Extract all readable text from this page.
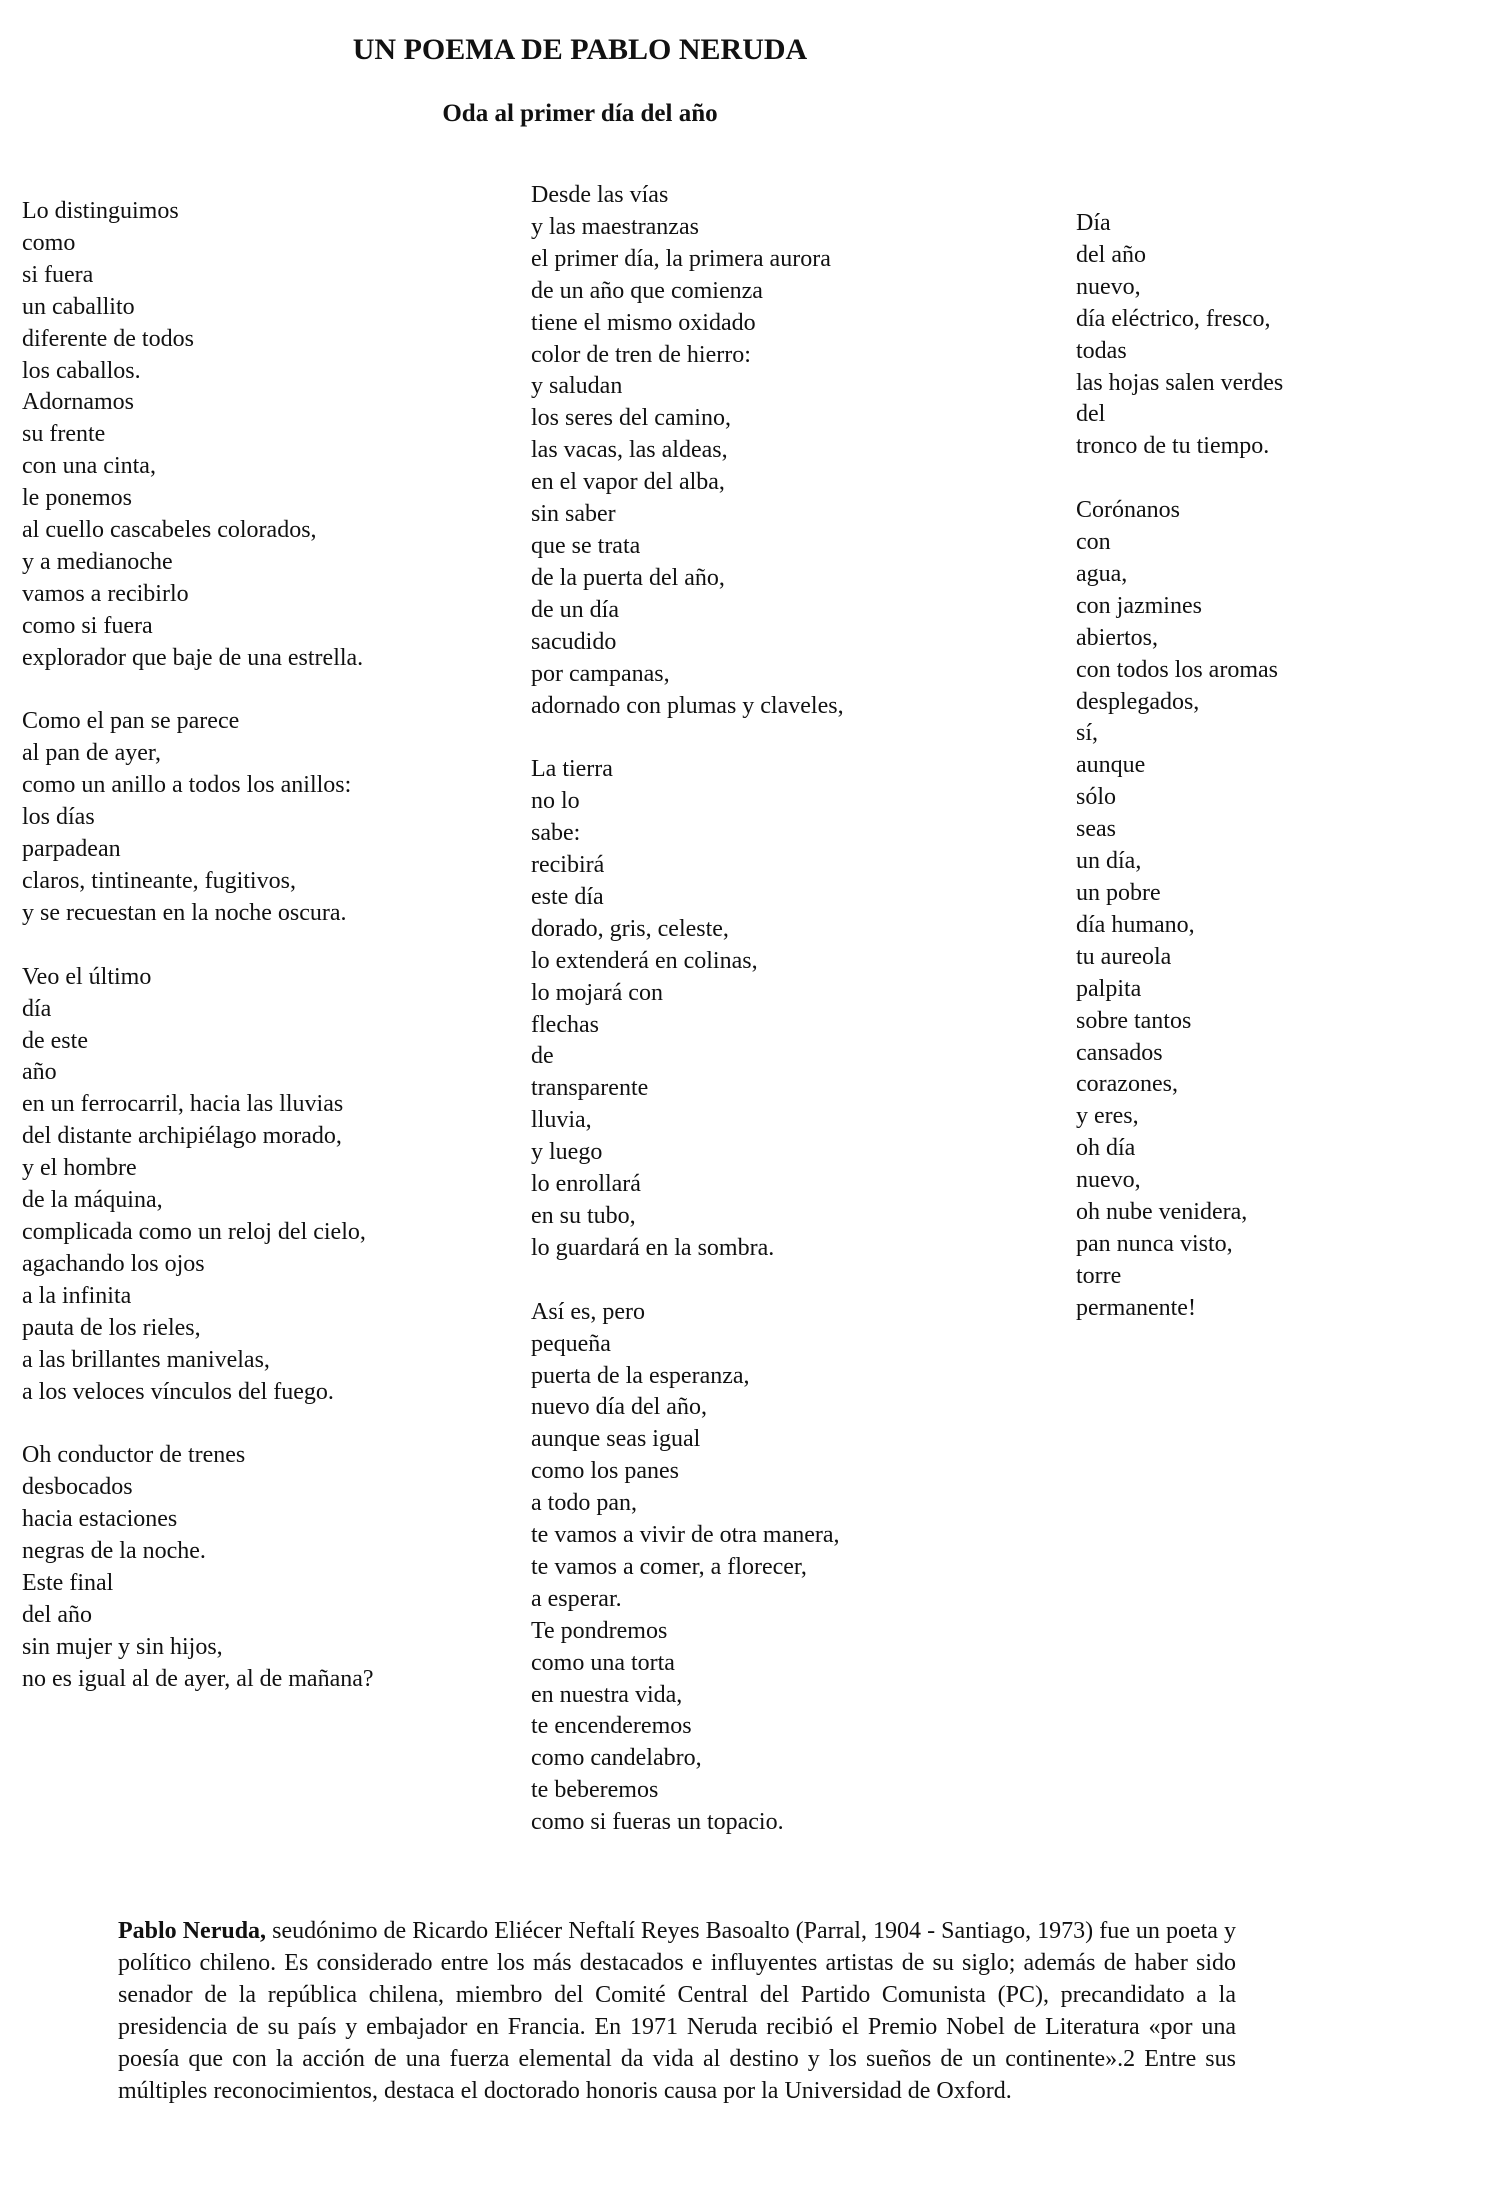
UN POEMA DE PABLO NERUDA
Oda al primer día del año
Lo distinguimos
como
si fuera
un caballito
diferente de todos
los caballos.
Adornamos
su frente
con una cinta,
le ponemos
al cuello cascabeles colorados,
y a medianoche
vamos a recibirlo
como si fuera
explorador que baje de una estrella.
Como el pan se parece
al pan de ayer,
como un anillo a todos los anillos:
los días
parpadean
claros, tintineante, fugitivos,
y se recuestan en la noche oscura.
Veo el último
día
de este
año
en un ferrocarril, hacia las lluvias
del distante archipiélago morado,
y el hombre
de la máquina,
complicada como un reloj del cielo,
agachando los ojos
a la infinita
pauta de los rieles,
a las brillantes manivelas,
a los veloces vínculos del fuego.
Oh conductor de trenes
desbocados
hacia estaciones
negras de la noche.
Este final
del año
sin mujer y sin hijos,
no es igual al de ayer, al de mañana?
Desde las vías
y las maestranzas
el primer día, la primera aurora
de un año que comienza
tiene el mismo oxidado
color de tren de hierro:
y saludan
los seres del camino,
las vacas, las aldeas,
en el vapor del alba,
sin saber
que se trata
de la puerta del año,
de un día
sacudido
por campanas,
adornado con plumas y claveles,
La tierra
no lo
sabe:
recibirá
este día
dorado, gris, celeste,
lo extenderá en colinas,
lo mojará con
flechas
de
transparente
lluvia,
y luego
lo enrollará
en su tubo,
lo guardará en la sombra.
Así es, pero
pequeña
puerta de la esperanza,
nuevo día del año,
aunque seas igual
como los panes
a todo pan,
te vamos a vivir de otra manera,
te vamos a comer, a florecer,
a esperar.
Te pondremos
como una torta
en nuestra vida,
te encenderemos
como candelabro,
te beberemos
como si fueras un topacio.
Día
del año
nuevo,
día eléctrico, fresco,
todas
las hojas salen verdes
del
tronco de tu tiempo.
Corónanos
con
agua,
con jazmines
abiertos,
con todos los aromas
desplegados,
sí,
aunque
sólo
seas
un día,
un pobre
día humano,
tu aureola
palpita
sobre tantos
cansados
corazones,
y eres,
oh día
nuevo,
oh nube venidera,
pan nunca visto,
torre
permanente!

Pablo Neruda, seudónimo de Ricardo Eliécer Neftalí Reyes Basoalto (Parral, 1904 - Santiago, 1973) fue un poeta y político chileno. Es considerado entre los más destacados e influyentes artistas de su siglo; además de haber sido senador de la república chilena, miembro del Comité Central del Partido Comunista (PC), precandidato a la presidencia de su país y embajador en Francia. En 1971 Neruda recibió el Premio Nobel de Literatura «por una poesía que con la acción de una fuerza elemental da vida al destino y los sueños de un continente».2 Entre sus múltiples reconocimientos, destaca el doctorado honoris causa por la Universidad de Oxford.
